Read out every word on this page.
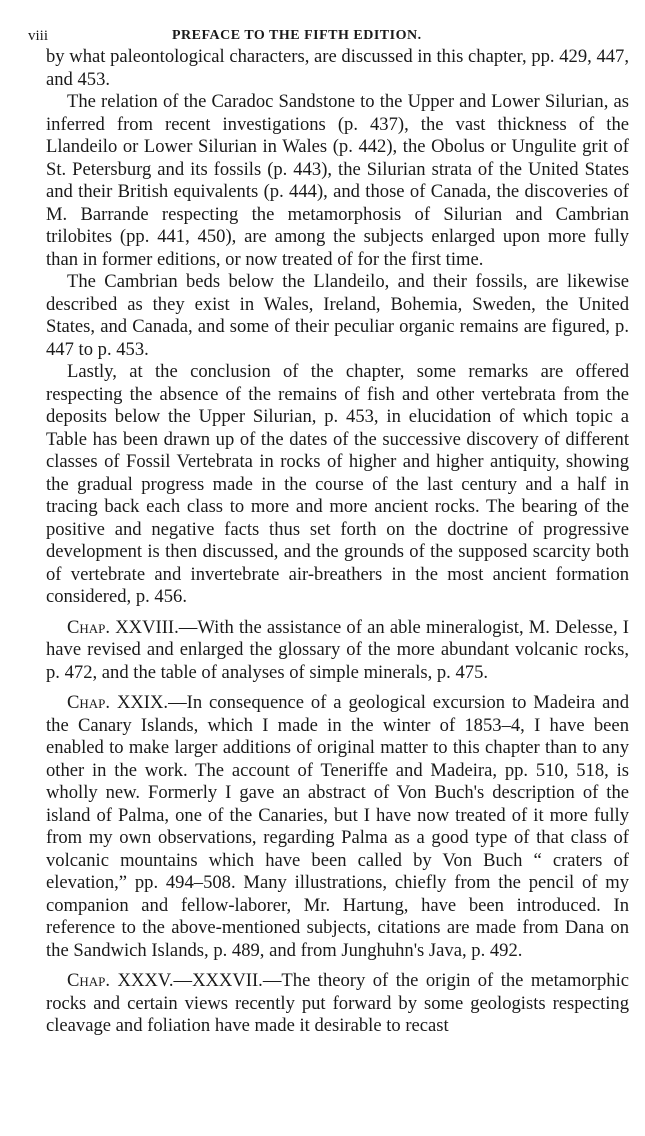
viii	PREFACE TO THE FIFTH EDITION.

by what paleontological characters, are discussed in this chapter, pp. 429, 447, and 453.

The relation of the Caradoc Sandstone to the Upper and Lower Silurian, as inferred from recent investigations (p. 437), the vast thickness of the Llandeilo or Lower Silurian in Wales (p. 442), the Obolus or Ungulite grit of St. Petersburg and its fossils (p. 443), the Silurian strata of the United States and their British equivalents (p. 444), and those of Canada, the discoveries of M. Barrande respecting the metamorphosis of Silurian and Cambrian trilobites (pp. 441, 450), are among the subjects enlarged upon more fully than in former editions, or now treated of for the first time.

The Cambrian beds below the Llandeilo, and their fossils, are likewise described as they exist in Wales, Ireland, Bohemia, Sweden, the United States, and Canada, and some of their peculiar organic remains are figured, p. 447 to p. 453.

Lastly, at the conclusion of the chapter, some remarks are offered respecting the absence of the remains of fish and other vertebrata from the deposits below the Upper Silurian, p. 453, in elucidation of which topic a Table has been drawn up of the dates of the successive discovery of different classes of Fossil Vertebrata in rocks of higher and higher antiquity, showing the gradual progress made in the course of the last century and a half in tracing back each class to more and more ancient rocks. The bearing of the positive and negative facts thus set forth on the doctrine of progressive development is then discussed, and the grounds of the supposed scarcity both of vertebrate and invertebrate air-breathers in the most ancient formation considered, p. 456.

Chap. XXVIII.—With the assistance of an able mineralogist, M. Delesse, I have revised and enlarged the glossary of the more abundant volcanic rocks, p. 472, and the table of analyses of simple minerals, p. 475.

Chap. XXIX.—In consequence of a geological excursion to Madeira and the Canary Islands, which I made in the winter of 1853–4, I have been enabled to make larger additions of original matter to this chapter than to any other in the work. The account of Teneriffe and Madeira, pp. 510, 518, is wholly new. Formerly I gave an abstract of Von Buch's description of the island of Palma, one of the Canaries, but I have now treated of it more fully from my own observations, regarding Palma as a good type of that class of volcanic mountains which have been called by Von Buch “ craters of elevation,” pp. 494–508. Many illustrations, chiefly from the pencil of my companion and fellow-laborer, Mr. Hartung, have been introduced. In reference to the above-mentioned subjects, citations are made from Dana on the Sandwich Islands, p. 489, and from Junghuhn's Java, p. 492.

Chap. XXXV.—XXXVII.—The theory of the origin of the metamorphic rocks and certain views recently put forward by some geologists respecting cleavage and foliation have made it desirable to recast
